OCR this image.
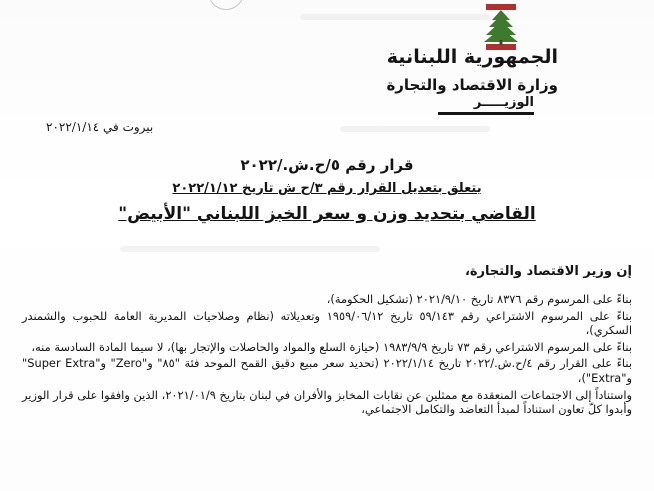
الجمهورية اللبنانية
وزارة الاقتصاد والتجارة
الوزيـــــر
بيروت في ٢٠٢٢/١/١٤
قرار رقم ٥/ح.ش./٢٠٢٢
يتعلق بتعديل القرار رقم ٣/ح ش تاريخ ٢٠٢٢/١/١٢
القاضي بتحديد وزن و سعر الخبز اللبناني "الأبيض"
إن وزير الاقتصاد والتجارة،

بناءً على المرسوم رقم ٨٣٧٦ تاريخ ٢٠٢١/٩/١٠ (تشكيل الحكومة)،

بناءً على المرسوم الاشتراعي رقم ٥٩/١٤٣ تاريخ ١٩٥٩/٠٦/١٢ وتعديلاته (نظام وصلاحيات المديرية العامة للحبوب والشمندر السكري)،

بناءً على المرسوم الاشتراعي رقم ٧٣ تاريخ ١٩٨٣/٩/٩ (حيازة السلع والمواد والحاصلات والإتجار بها)، لا سيما المادة السادسة منه،

بناءً على القرار رقم ٤/ح.ش./٢٠٢٢ تاريخ ٢٠٢٢/١/١٤ (تحديد سعر مبيع دقيق القمح الموحد فئة "٨٥" و"Zero" و"Super Extra" و"Extra")،

واستناداً إلى الاجتماعات المنعقدة مع ممثلين عن نقابات المخابز والأفران في لبنان بتاريخ ٢٠٢١/٠١/٩، الذين وافقوا على قرار الوزير وأبدوا كلّ تعاون استناداً لمبدأ التعاضد والتكامل الاجتماعي،
